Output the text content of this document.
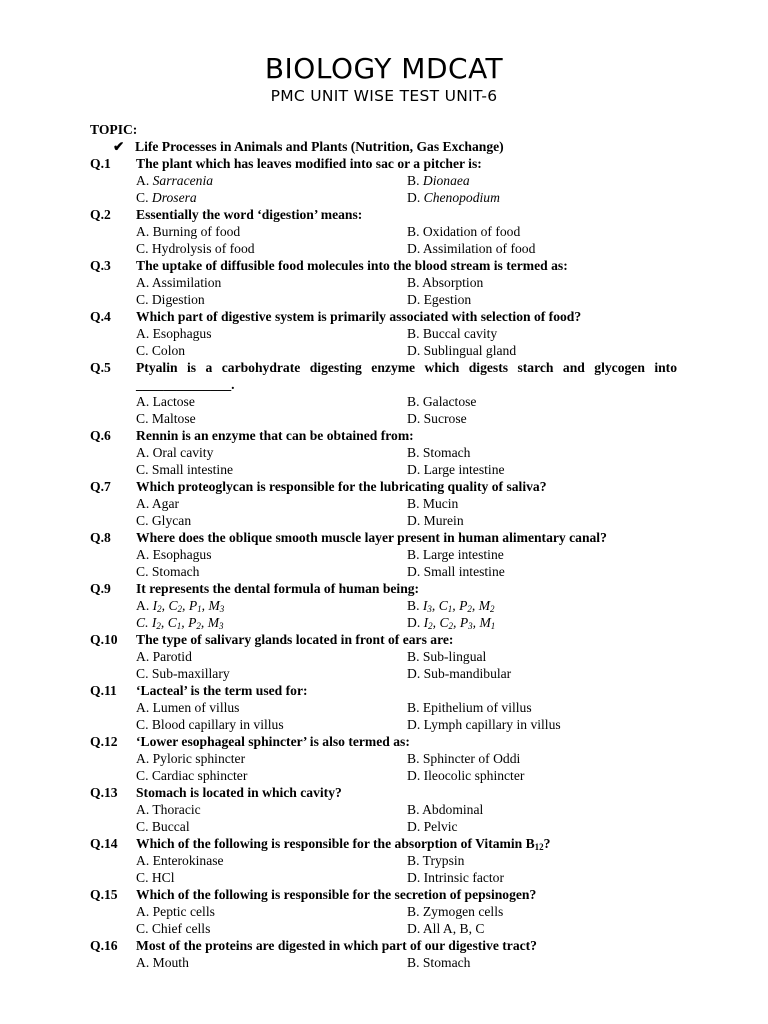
BIOLOGY MDCAT
PMC UNIT WISE TEST UNIT-6
TOPIC:
✔ Life Processes in Animals and Plants (Nutrition, Gas Exchange)
Q.1 The plant which has leaves modified into sac or a pitcher is:
A. Sarracenia	B. Dionaea
C. Drosera	D. Chenopodium
Q.2 Essentially the word ‘digestion’ means:
A. Burning of food	B. Oxidation of food
C. Hydrolysis of food	D. Assimilation of food
Q.3 The uptake of diffusible food molecules into the blood stream is termed as:
A. Assimilation	B. Absorption
C. Digestion	D. Egestion
Q.4 Which part of digestive system is primarily associated with selection of food?
A. Esophagus	B. Buccal cavity
C. Colon	D. Sublingual gland
Q.5 Ptyalin is a carbohydrate digesting enzyme which digests starch and glycogen into
______________.
A. Lactose	B. Galactose
C. Maltose	D. Sucrose
Q.6 Rennin is an enzyme that can be obtained from:
A. Oral cavity	B. Stomach
C. Small intestine	D. Large intestine
Q.7 Which proteoglycan is responsible for the lubricating quality of saliva?
A. Agar	B. Mucin
C. Glycan	D. Murein
Q.8 Where does the oblique smooth muscle layer present in human alimentary canal?
A. Esophagus	B. Large intestine
C. Stomach	D. Small intestine
Q.9 It represents the dental formula of human being:
A. $I_2$, $C_2$, $P_1$, $M_3$	B. $I_3$, $C_1$, $P_2$, $M_2$
C. $I_2$, $C_1$, $P_2$, $M_3$	D. $I_2$, $C_2$, $P_3$, $M_1$
Q.10 The type of salivary glands located in front of ears are:
A. Parotid	B. Sub-lingual
C. Sub-maxillary	D. Sub-mandibular
Q.11 ‘Lacteal’ is the term used for:
A. Lumen of villus	B. Epithelium of villus
C. Blood capillary in villus	D. Lymph capillary in villus
Q.12 ‘Lower esophageal sphincter’ is also termed as:
A. Pyloric sphincter	B. Sphincter of Oddi
C. Cardiac sphincter	D. Ileocolic sphincter
Q.13 Stomach is located in which cavity?
A. Thoracic	B. Abdominal
C. Buccal	D. Pelvic
Q.14 Which of the following is responsible for the absorption of Vitamin $B_{12}$?
A. Enterokinase	B. Trypsin
C. HCl	D. Intrinsic factor
Q.15 Which of the following is responsible for the secretion of pepsinogen?
A. Peptic cells	B. Zymogen cells
C. Chief cells	D. All A, B, C
Q.16 Most of the proteins are digested in which part of our digestive tract?
A. Mouth	B. Stomach
